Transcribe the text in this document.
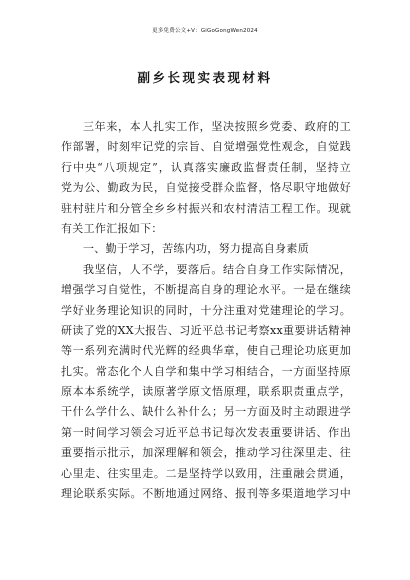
更多免费公文+V：GiGoGongWen2024
副乡长现实表现材料
三年来，本人扎实工作，坚决按照乡党委、政府的工
作部署，时刻牢记党的宗旨、自觉增强党性观念，自觉践
行中央“八项规定”，认真落实廉政监督责任制，坚持立
党为公、勤政为民，自觉接受群众监督，恪尽职守地做好
驻村驻片和分管全乡乡村振兴和农村清洁工程工作。现就
有关工作汇报如下：
一、勤于学习，苦练内功，努力提高自身素质
我坚信，人不学，要落后。结合自身工作实际情况，
增强学习自觉性，不断提高自身的理论水平。一是在继续
学好业务理论知识的同时，十分注重对党建理论的学习。
研读了党的XX大报告、习近平总书记考察xx重要讲话精神
等一系列充满时代光辉的经典华章，使自己理论功底更加
扎实。常态化个人自学和集中学习相结合，一方面坚持原
原本本系统学，读原著学原文悟原理，联系职责重点学，
干什么学什么、缺什么补什么；另一方面及时主动跟进学
第一时间学习领会习近平总书记每次发表重要讲话、作出
重要指示批示，加深理解和领会，推动学习往深里走、往
心里走、往实里走。二是坚持学以致用，注重融会贯通，
理论联系实际。不断地通过网络、报刊等多渠道地学习中
